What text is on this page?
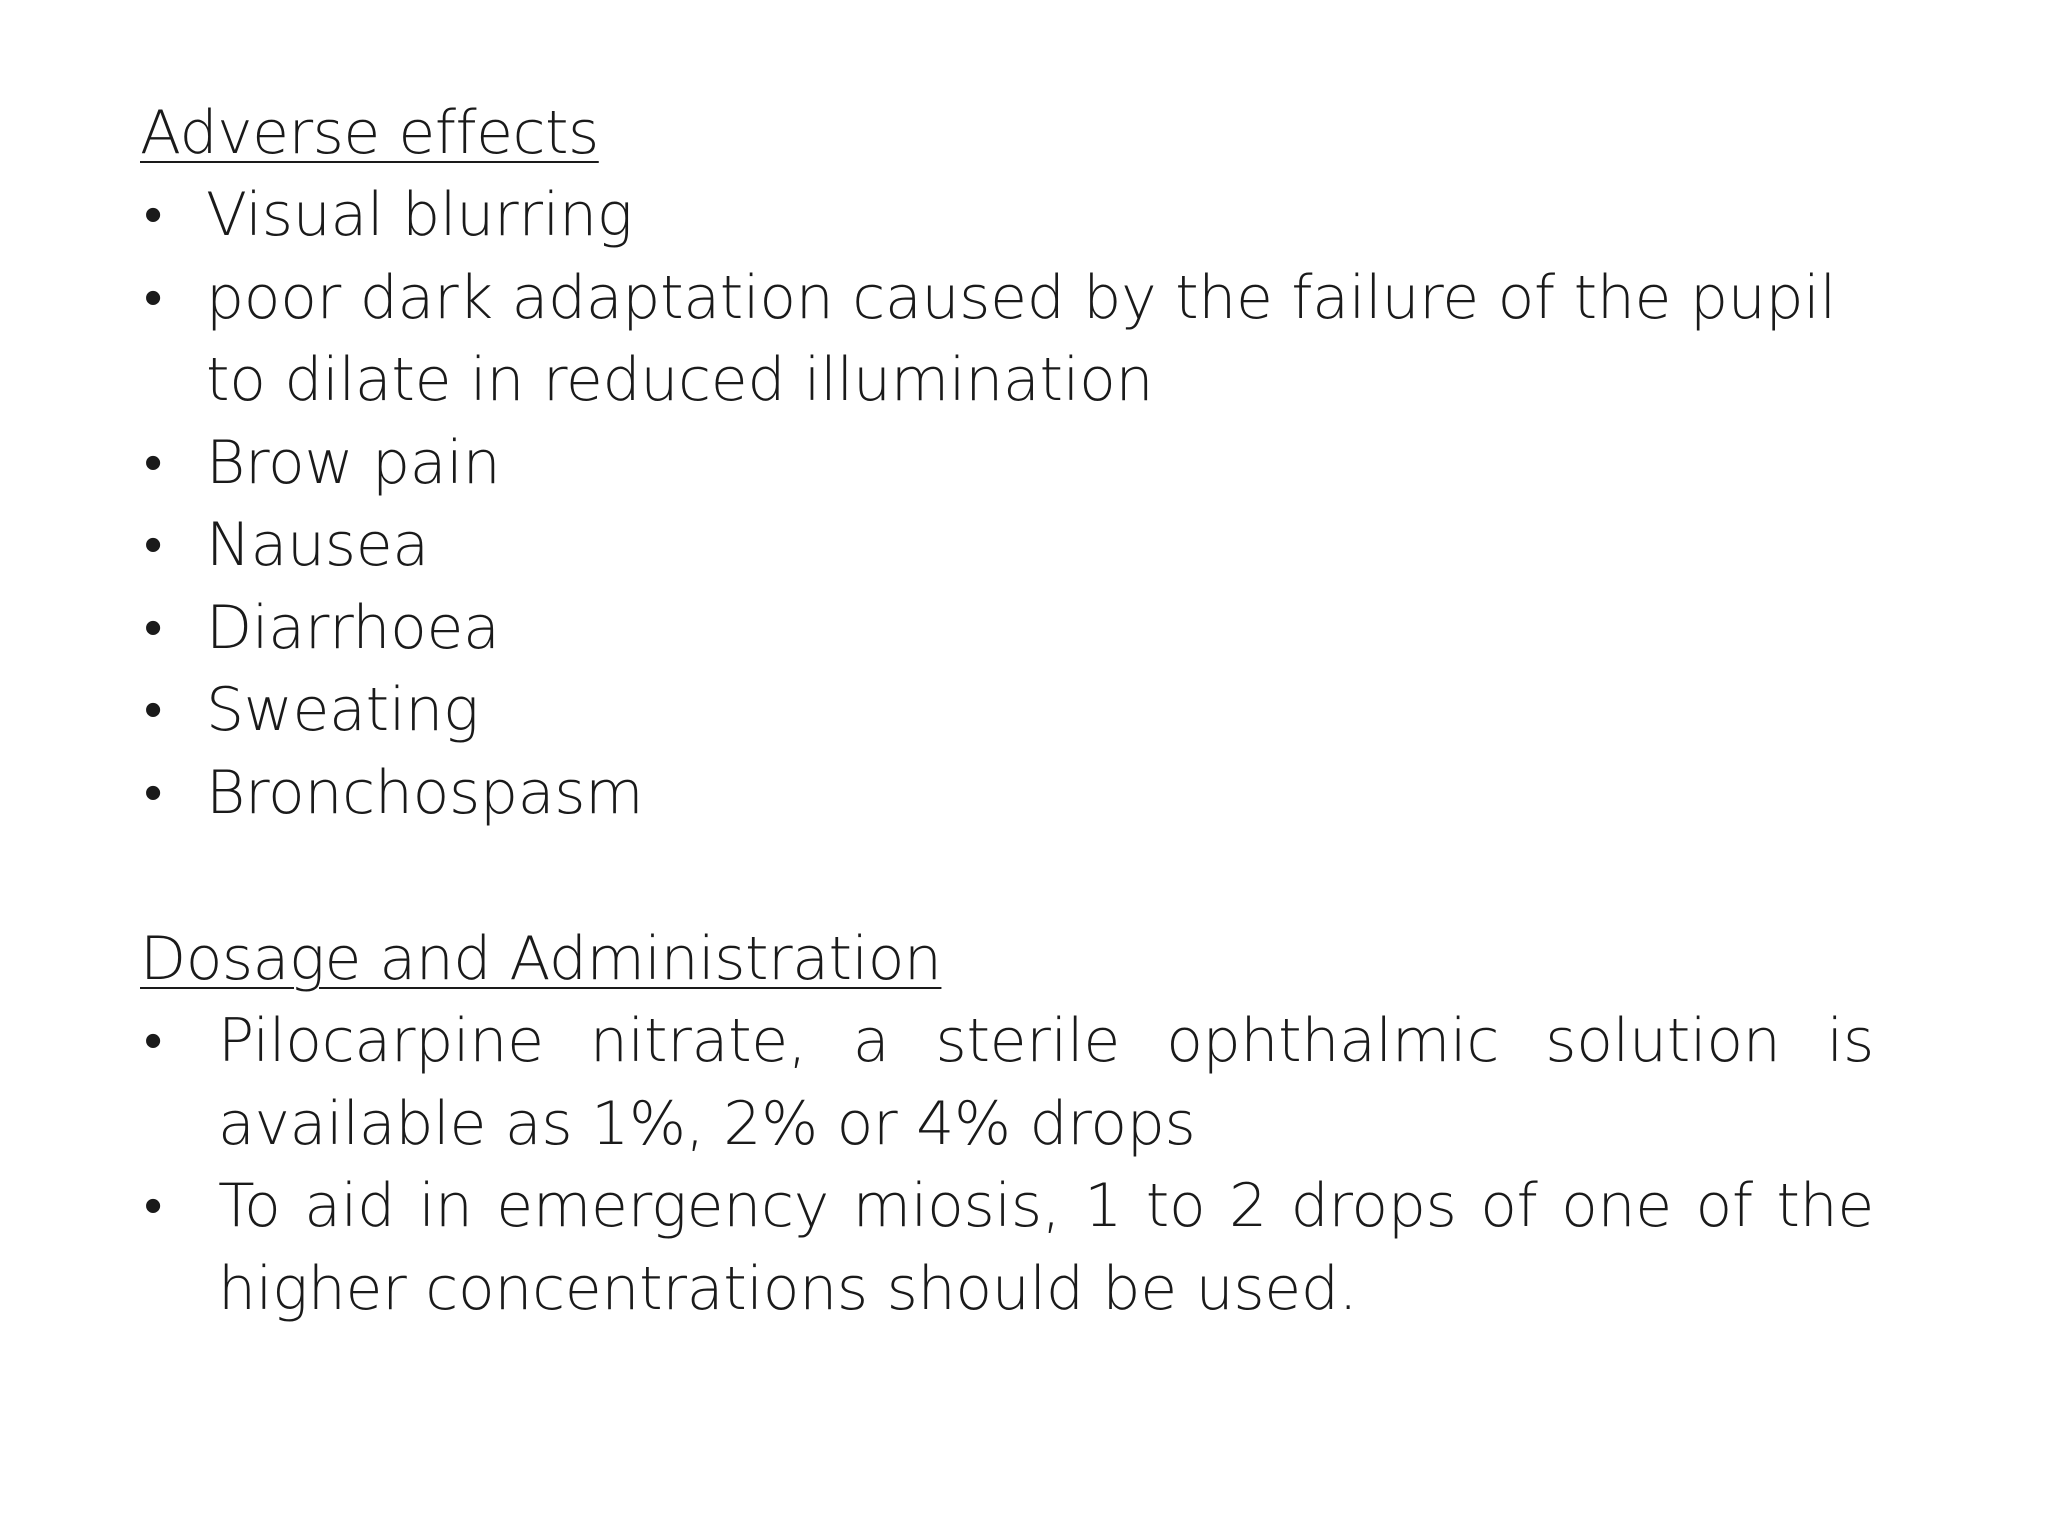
Adverse effects
• Visual blurring
• poor dark adaptation caused by the failure of the pupil to dilate in reduced illumination
• Brow pain
• Nausea
• Diarrhoea
• Sweating
• Bronchospasm
Dosage and Administration
• Pilocarpine nitrate, a sterile ophthalmic solution is available as 1%, 2% or 4% drops
• To aid in emergency miosis, 1 to 2 drops of one of the higher concentrations should be used.
